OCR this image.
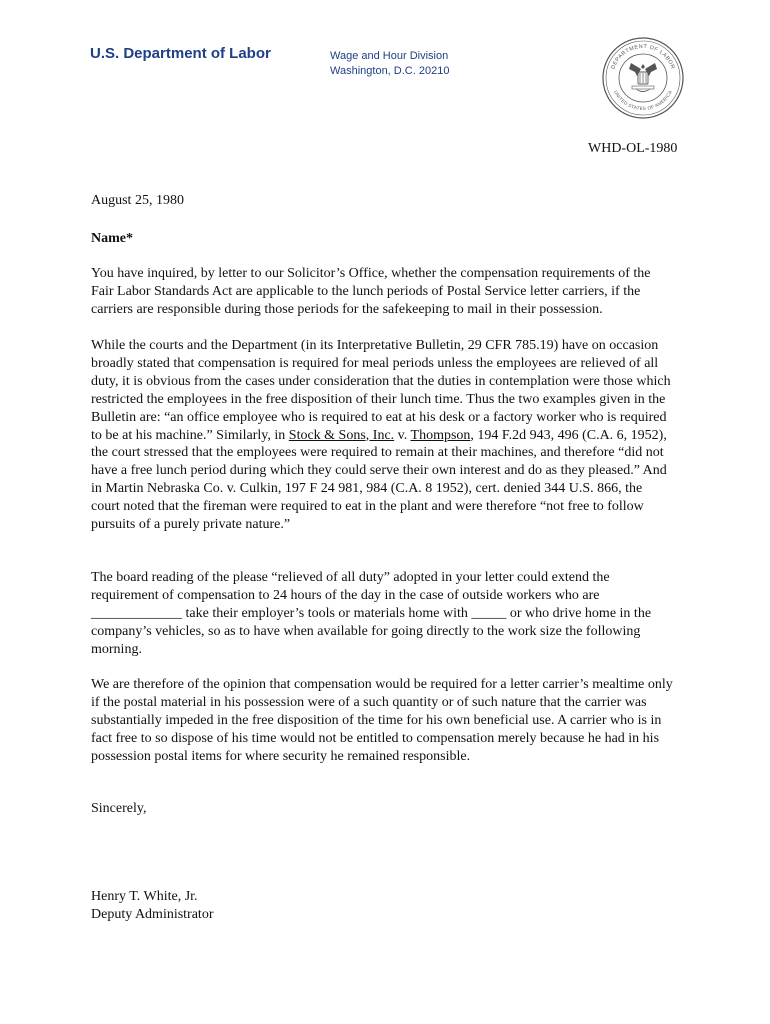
U.S. Department of Labor	Wage and Hour Division
Washington, D.C. 20210	DEPARTMENT OF LABOR
UNITED STATES OF AMERICA
WHD-OL-1980
August 25, 1980
Name*

You have inquired, by letter to our Solicitor’s Office, whether the compensation requirements of the Fair Labor Standards Act are applicable to the lunch periods of Postal Service letter carriers, if the carriers are responsible during those periods for the safekeeping to mail in their possession.

While the courts and the Department (in its Interpretative Bulletin, 29 CFR 785.19) have on occasion broadly stated that compensation is required for meal periods unless the employees are relieved of all duty, it is obvious from the cases under consideration that the duties in contemplation were those which restricted the employees in the free disposition of their lunch time. Thus the two examples given in the Bulletin are: “an office employee who is required to eat at his desk or a factory worker who is required to be at his machine.” Similarly, in Stock & Sons, Inc. v. Thompson, 194 F.2d 943, 496 (C.A. 6, 1952), the court stressed that the employees were required to remain at their machines, and therefore “did not have a free lunch period during which they could serve their own interest and do as they pleased.” And in Martin Nebraska Co. v. Culkin, 197 F 24 981, 984 (C.A. 8 1952), cert. denied 344 U.S. 866, the court noted that the fireman were required to eat in the plant and were therefore “not free to follow pursuits of a purely private nature.”

The board reading of the please “relieved of all duty” adopted in your letter could extend the requirement of compensation to 24 hours of the day in the case of outside workers who are _____________ take their employer’s tools or materials home with _____ or who drive home in the company’s vehicles, so as to have when available for going directly to the work size the following morning.

We are therefore of the opinion that compensation would be required for a letter carrier’s mealtime only if the postal material in his possession were of a such quantity or of such nature that the carrier was substantially impeded in the free disposition of the time for his own beneficial use. A carrier who is in fact free to so dispose of his time would not be entitled to compensation merely because he had in his possession postal items for where security he remained responsible.

Sincerely,
Henry T. White, Jr.
Deputy Administrator
